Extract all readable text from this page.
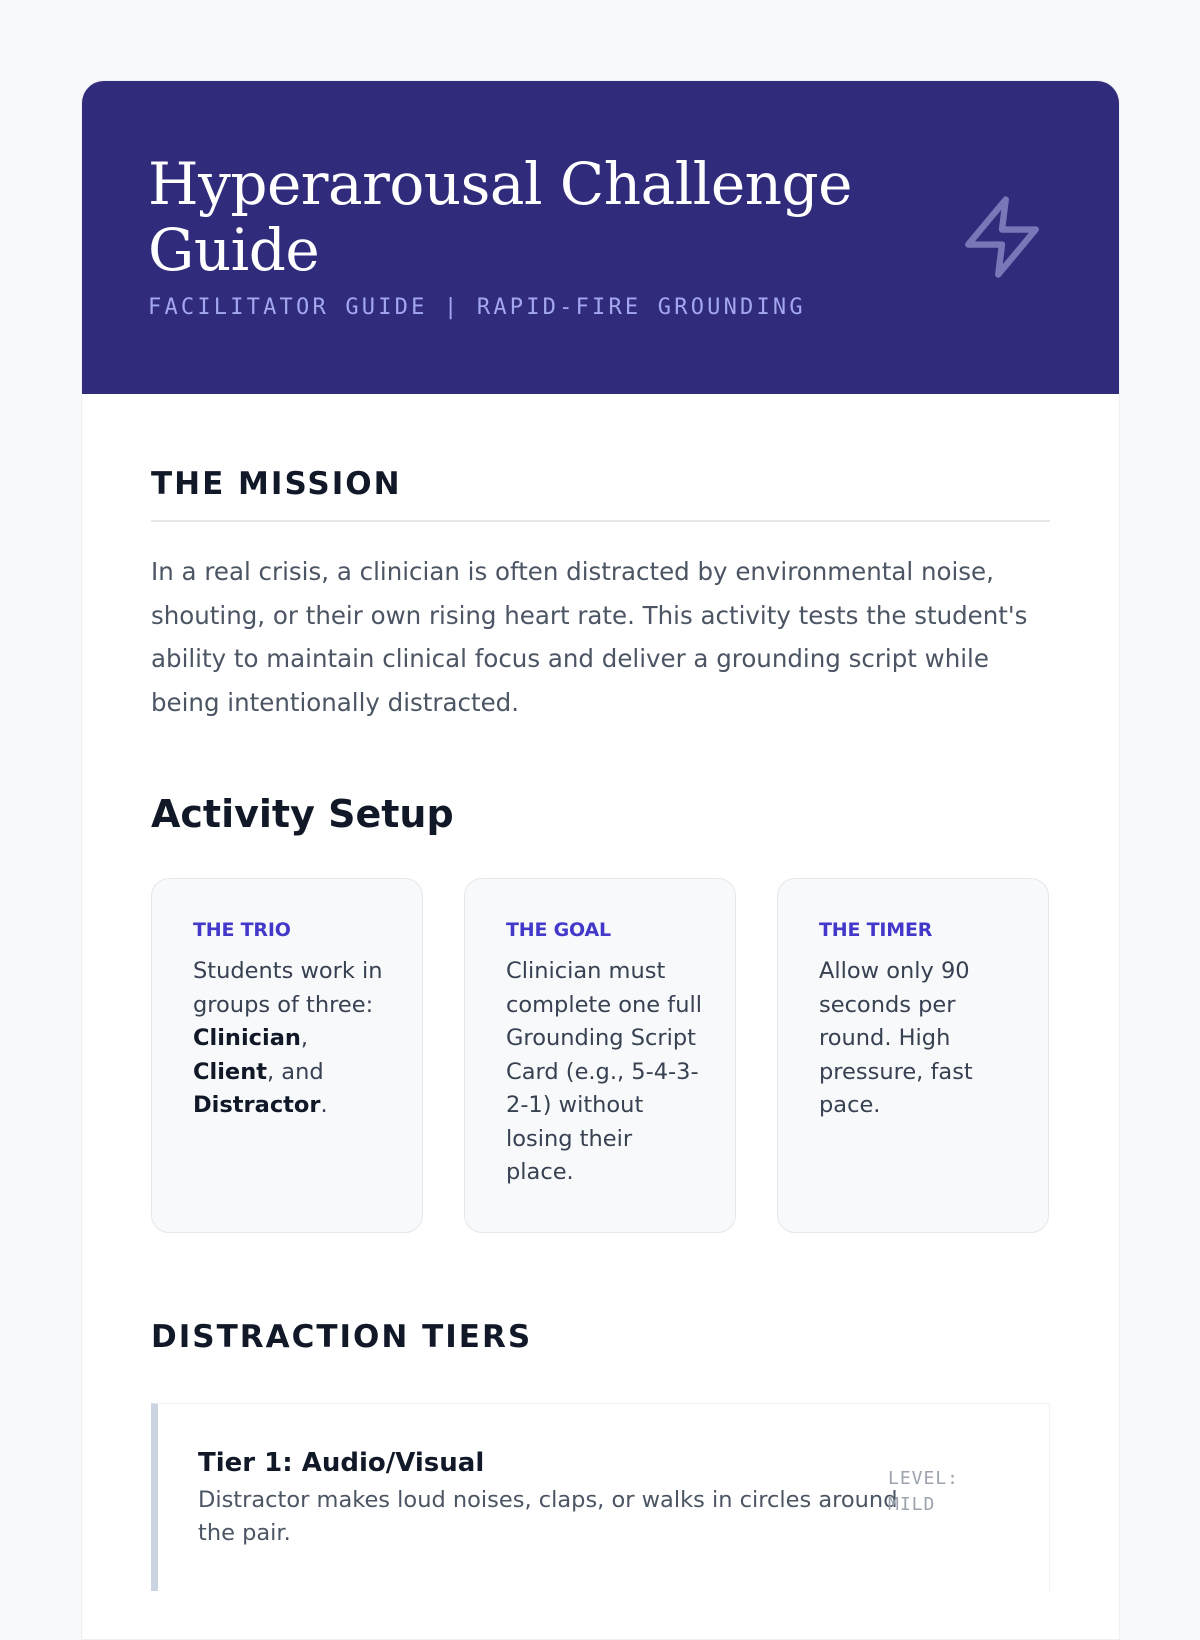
Hyperarousal Challenge Guide
FACILITATOR GUIDE | RAPID-FIRE GROUNDING
THE MISSION

In a real crisis, a clinician is often distracted by environmental noise, shouting, or their own rising heart rate. This activity tests the student's ability to maintain clinical focus and deliver a grounding script while being intentionally distracted.

Activity Setup
THE TRIO
Students work in groups of three: Clinician, Client, and Distractor.
THE GOAL
Clinician must complete one full Grounding Script Card (e.g., 5-4-3-2-1) without losing their place.
THE TIMER
Allow only 90 seconds per round. High pressure, fast pace.
DISTRACTION TIERS
Tier 1: Audio/Visual
Distractor makes loud noises, claps, or walks in circles around the pair.
LEVEL: MILD
